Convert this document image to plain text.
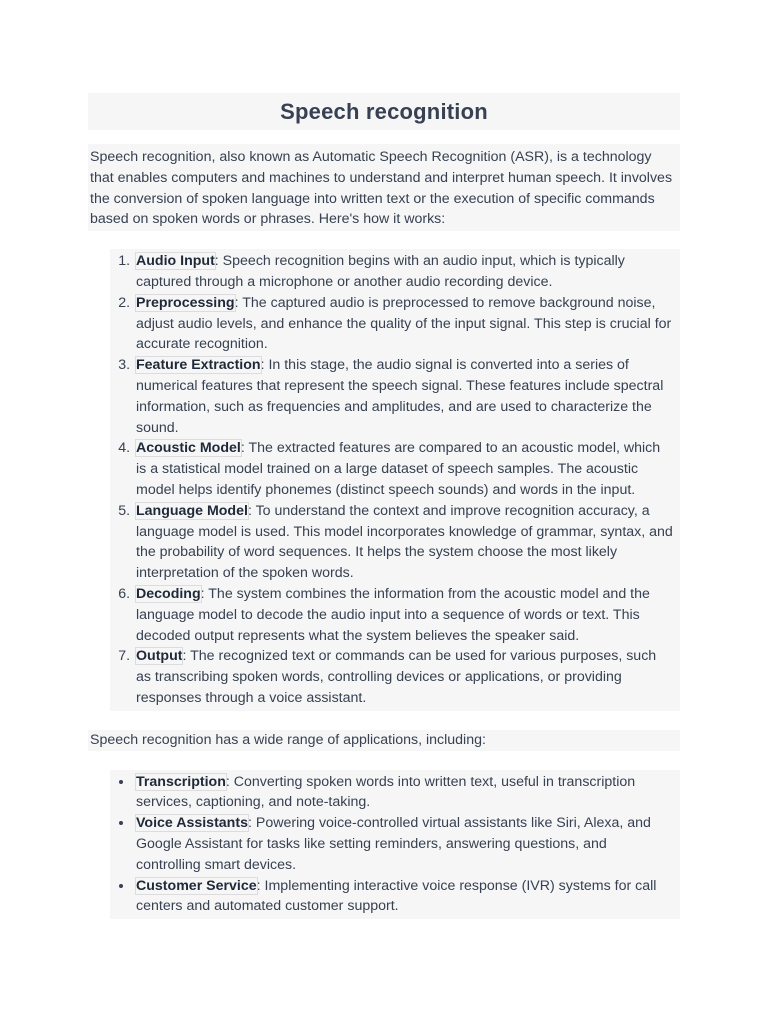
Speech recognition

Speech recognition, also known as Automatic Speech Recognition (ASR), is a technology that enables computers and machines to understand and interpret human speech. It involves the conversion of spoken language into written text or the execution of specific commands based on spoken words or phrases. Here's how it works:

1. Audio Input: Speech recognition begins with an audio input, which is typically captured through a microphone or another audio recording device.
2. Preprocessing: The captured audio is preprocessed to remove background noise, adjust audio levels, and enhance the quality of the input signal. This step is crucial for accurate recognition.
3. Feature Extraction: In this stage, the audio signal is converted into a series of numerical features that represent the speech signal. These features include spectral information, such as frequencies and amplitudes, and are used to characterize the sound.
4. Acoustic Model: The extracted features are compared to an acoustic model, which is a statistical model trained on a large dataset of speech samples. The acoustic model helps identify phonemes (distinct speech sounds) and words in the input.
5. Language Model: To understand the context and improve recognition accuracy, a language model is used. This model incorporates knowledge of grammar, syntax, and the probability of word sequences. It helps the system choose the most likely interpretation of the spoken words.
6. Decoding: The system combines the information from the acoustic model and the language model to decode the audio input into a sequence of words or text. This decoded output represents what the system believes the speaker said.
7. Output: The recognized text or commands can be used for various purposes, such as transcribing spoken words, controlling devices or applications, or providing responses through a voice assistant.

Speech recognition has a wide range of applications, including:

• Transcription: Converting spoken words into written text, useful in transcription services, captioning, and note-taking.
• Voice Assistants: Powering voice-controlled virtual assistants like Siri, Alexa, and Google Assistant for tasks like setting reminders, answering questions, and controlling smart devices.
• Customer Service: Implementing interactive voice response (IVR) systems for call centers and automated customer support.
